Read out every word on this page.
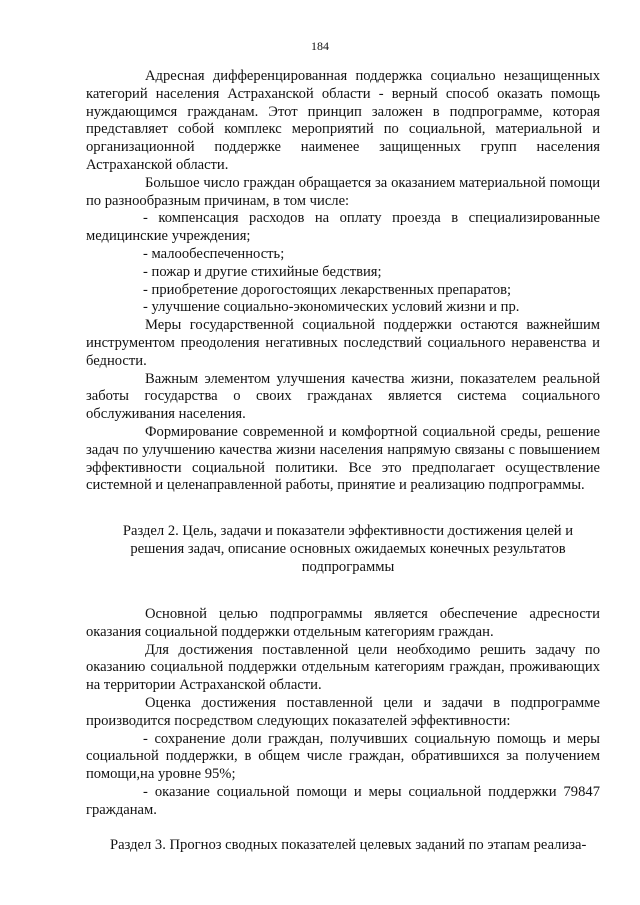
184

Адресная дифференцированная поддержка социально незащищенных категорий населения Астраханской области - верный способ оказать помощь нуждающимся гражданам. Этот принцип заложен в подпрограмме, которая представляет собой комплекс мероприятий по социальной, материальной и организационной поддержке наименее защищенных групп населения Астраханской области.

Большое число граждан обращается за оказанием материальной помощи по разнообразным причинам, в том числе:

- компенсация расходов на оплату проезда в специализированные медицинские учреждения;

- малообеспеченность;

- пожар и другие стихийные бедствия;

- приобретение дорогостоящих лекарственных препаратов;

- улучшение социально-экономических условий жизни и пр.

Меры государственной социальной поддержки остаются важнейшим инструментом преодоления негативных последствий социального неравенства и бедности.

Важным элементом улучшения качества жизни, показателем реальной заботы государства о своих гражданах является система социального обслуживания населения.

Формирование современной и комфортной социальной среды, решение задач по улучшению качества жизни населения напрямую связаны с повышением эффективности социальной политики. Все это предполагает осуществление системной и целенаправленной работы, принятие и реализацию подпрограммы.

Раздел 2. Цель, задачи и показатели эффективности достижения целей и решения задач, описание основных ожидаемых конечных результатов подпрограммы

Основной целью подпрограммы является обеспечение адресности оказания социальной поддержки отдельным категориям граждан.

Для достижения поставленной цели необходимо решить задачу по оказанию социальной поддержки отдельным категориям граждан, проживающих на территории Астраханской области.

Оценка достижения поставленной цели и задачи в подпрограмме производится посредством следующих показателей эффективности:

- сохранение доли граждан, получивших социальную помощь и меры социальной поддержки, в общем числе граждан, обратившихся за получением помощи,на уровне 95%;

- оказание социальной помощи и меры социальной поддержки 79847 гражданам.

Раздел 3. Прогноз сводных показателей целевых заданий по этапам реализа-
